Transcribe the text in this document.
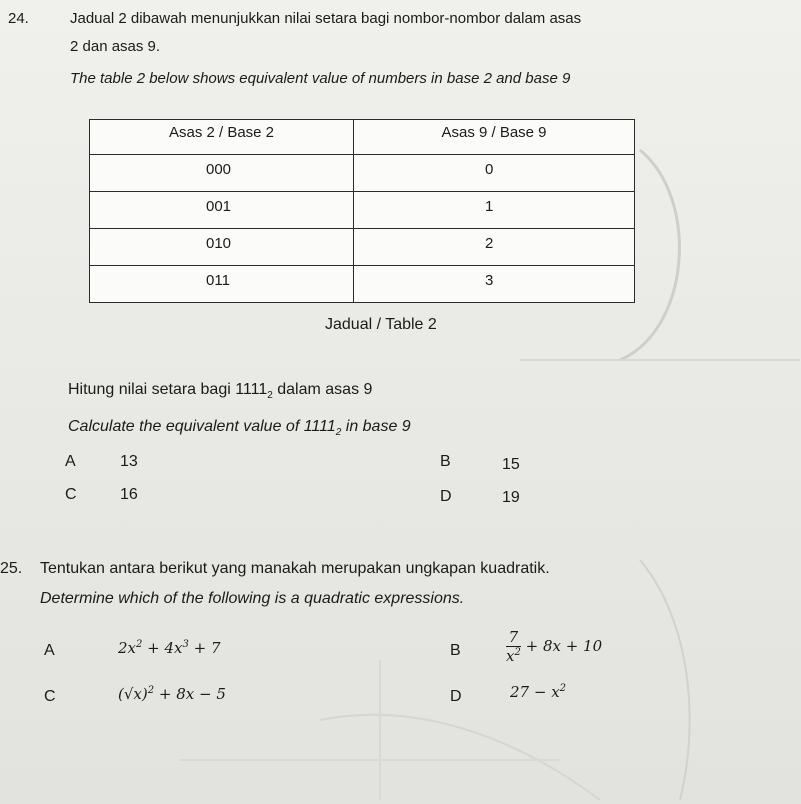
24.	Jadual 2 dibawah menunjukkan nilai setara bagi nombor-nombor dalam asas
2 dan asas 9.
The table 2 below shows equivalent value of numbers in base 2 and base 9
Asas 2 / Base 2	Asas 9 / Base 9
000	0
001	1
010	2
011	3
Jadual / Table 2
Hitung nilai setara bagi $1111_2$ dalam asas 9
Calculate the equivalent value of $1111_2$ in base 9
A	13	B	15
C	16	D	19
25. Tentukan antara berikut yang manakah merupakan ungkapan kuadratik.
Determine which of the following is a quadratic expressions.
A	$2x^2 + 4x^3 + 7$	B	$\frac{7}{x^2} + 8x + 10$
C	$(√x)^2 + 8x - 5$	D	$27 - x^2$
